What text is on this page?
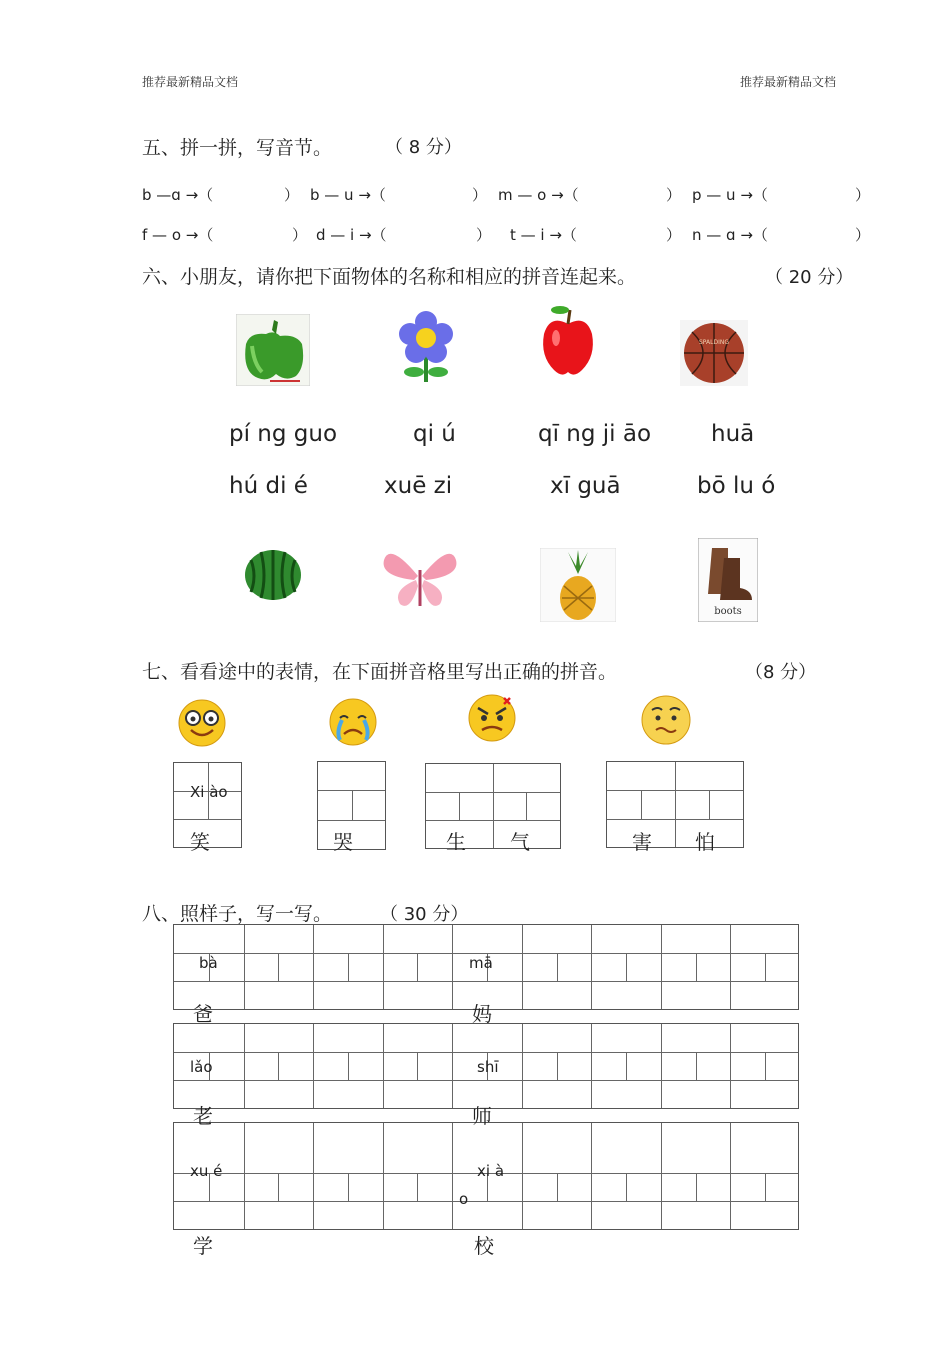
推荐最新精品文档	推荐最新精品文档
五、拼一拼，写音节。	（ 8 分）
b —ɑ →（	） b — u →（	） m — o →（	） p — u →（	）
f — o →（	） d — i →（	） t — i →（	） n — ɑ →（	）
六、小朋友，请你把下面物体的名称和相应的拼音连起来。	（ 20 分）
SPALDING
pí ng guo	qi ú	qī ng ji āo	huā
hú di é	xuē zi	xī guā	bō lu ó
boots
七、看看途中的表情，在下面拼音格里写出正确的拼音。	（8 分）
Xi ào
笑	哭	生 气	害 怕
八、照样子，写一写。	（ 30 分）
bà
爸
mā
妈
lǎo
老
shī
师
xu é
学
xi à
o
校
